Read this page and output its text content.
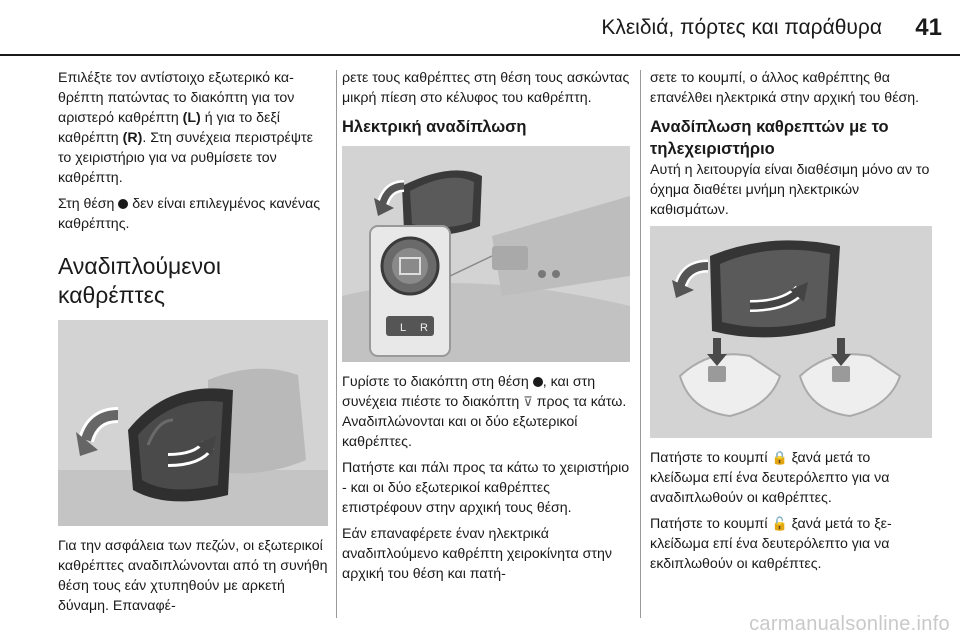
Κλειδιά, πόρτες και παράθυρα 41

Επιλέξτε τον αντίστοιχο εξωτερικό καθρέπτη πατώντας το διακόπτη για τον αριστερό καθρέπτη (L) ή για το δεξί καθρέπτη (R). Στη συνέχεια περιστρέψτε το χειριστήριο για να ρυθμίσετε τον καθρέπτη.

Στη θέση  δεν είναι επιλεγμένος κανένας καθρέπτης.

Αναδιπλούμενοι καθρέπτες

Για την ασφάλεια των πεζών, οι εξωτερικοί καθρέπτες αναδιπλώνονται από τη συνήθη θέση τους εάν χτυπηθούν με αρκετή δύναμη. Επαναφέ-

ρετε τους καθρέπτες στη θέση τους ασκώντας μικρή πίεση στο κέλυφος του καθρέπτη.

Ηλεκτρική αναδίπλωση
L R

Γυρίστε το διακόπτη στη θέση , και στη συνέχεια πιέστε το διακόπτη ⊽ προς τα κάτω. Αναδιπλώνονται και οι δύο εξωτερικοί καθρέπτες.

Πατήστε και πάλι προς τα κάτω το χειριστήριο - και οι δύο εξωτερικοί καθρέπτες επιστρέφουν στην αρχική τους θέση.

Εάν επαναφέρετε έναν ηλεκτρικά αναδιπλούμενο καθρέπτη χειροκίνητα στην αρχική του θέση και πατή-

σετε το κουμπί, ο άλλος καθρέπτης θα επανέλθει ηλεκτρικά στην αρχική του θέση.

Αναδίπλωση καθρεπτών με το τηλεχειριστήριο

Αυτή η λειτουργία είναι διαθέσιμη μόνο αν το όχημα διαθέτει μνήμη ηλεκτρικών καθισμάτων.

Πατήστε το κουμπί 🔒 ξανά μετά το κλείδωμα επί ένα δευτερόλεπτο για να αναδιπλωθούν οι καθρέπτες.

Πατήστε το κουμπί 🔓 ξανά μετά το ξεκλείδωμα επί ένα δευτερόλεπτο για να εκδιπλωθούν οι καθρέπτες.

carmanualsonline.info
